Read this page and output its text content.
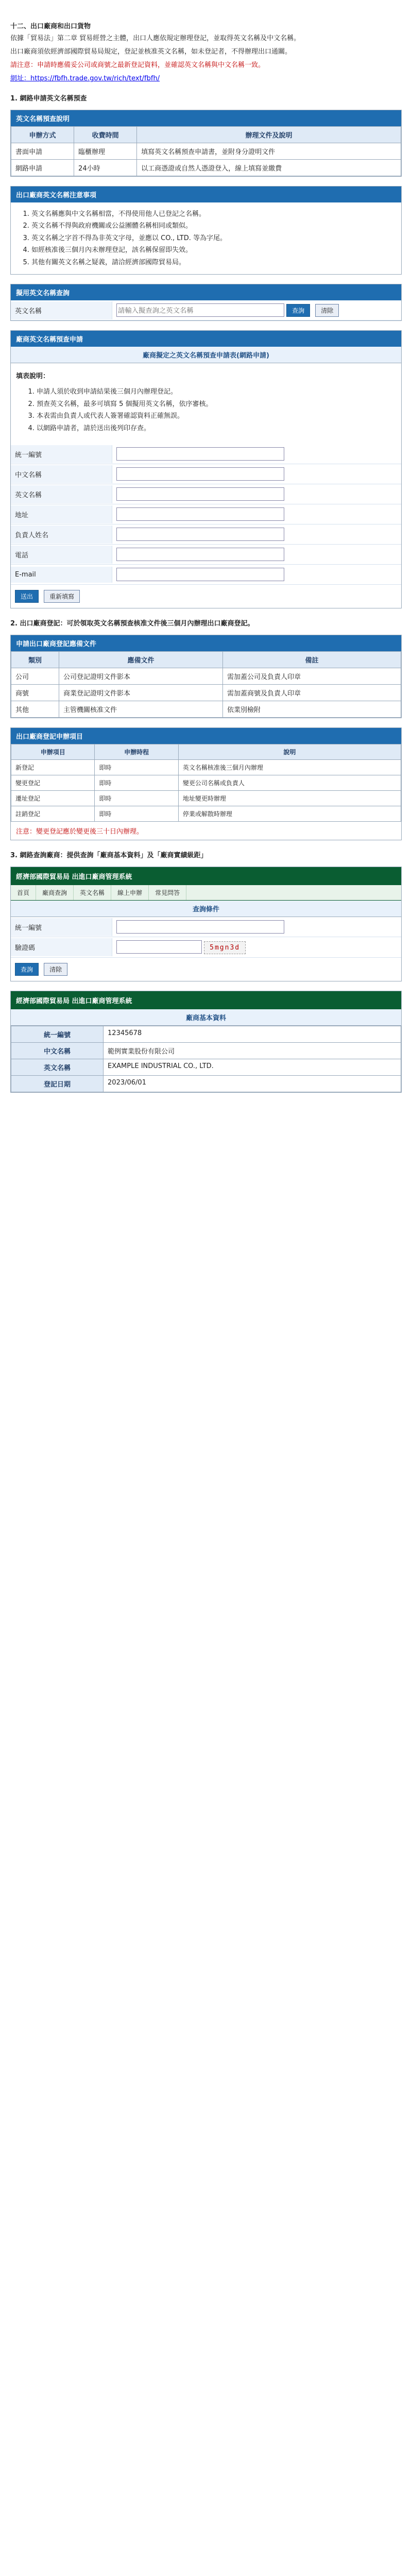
十二、出口廠商和出口貨物

依據「貿易法」第二章 貿易經營之主體，出口人應依規定辦理登記，並取得英文名稱及中文名稱。

出口廠商須依經濟部國際貿易局規定，登記並核准英文名稱，如未登記者，不得辦理出口通關。

請注意：申請時應備妥公司或商號之最新登記資料，並確認英文名稱與中文名稱一致。

網址：https://fbfh.trade.gov.tw/rich/text/fbfh/

1. 網路申請英文名稱預查
英文名稱預查說明
申辦方式	收費時間	辦理文件及說明
書面申請	臨櫃辦理	填寫英文名稱預查申請書，並附身分證明文件
網路申請	24小時	以工商憑證或自然人憑證登入，線上填寫並繳費
出口廠商英文名稱注意事項
1. 英文名稱應與中文名稱相當，不得使用他人已登記之名稱。
2. 英文名稱不得與政府機關或公益團體名稱相同或類似。
3. 英文名稱之字首不得為非英文字母，並應以 CO., LTD. 等為字尾。
4. 如經核准後三個月內未辦理登記，該名稱保留即失效。
5. 其他有關英文名稱之疑義，請洽經濟部國際貿易局。
擬用英文名稱查詢
英文名稱
請輸入擬查詢之英文名稱	查詢	清除
廠商英文名稱預查申請
廠商擬定之英文名稱預查申請表(網路申請)
填表說明：
1. 申請人須於收到申請結果後三個月內辦理登記。
2. 預查英文名稱，最多可填寫 5 個擬用英文名稱，依序審核。
3. 本表需由負責人或代表人簽署確認資料正確無誤。
4. 以網路申請者，請於送出後列印存查。
統一編號
中文名稱
英文名稱
地址
負責人姓名
電話
E-mail
送出	重新填寫
2. 出口廠商登記：可於領取英文名稱預查核准文件後三個月內辦理出口廠商登記。
申請出口廠商登記應備文件
類別	應備文件	備註
公司	公司登記證明文件影本	需加蓋公司及負責人印章
商號	商業登記證明文件影本	需加蓋商號及負責人印章
其他	主管機關核准文件	依業別檢附
出口廠商登記申辦項目
申辦項目	申辦時程	說明
新登記	即時	英文名稱核准後三個月內辦理
變更登記	即時	變更公司名稱或負責人
遷址登記	即時	地址變更時辦理
註銷登記	即時	停業或解散時辦理
注意：變更登記應於變更後三十日內辦理。
3. 網路查詢廠商：提供查詢「廠商基本資料」及「廠商實績級距」
經濟部國際貿易局 出進口廠商管理系統
首頁	廠商查詢	英文名稱	線上申辦	常見問答
查詢條件
統一編號
驗證碼	5mgn3d
查詢	清除
經濟部國際貿易局 出進口廠商管理系統
廠商基本資料
統一編號	12345678
中文名稱	範例實業股份有限公司
英文名稱	EXAMPLE INDUSTRIAL CO., LTD.
登記日期	2023/06/01
